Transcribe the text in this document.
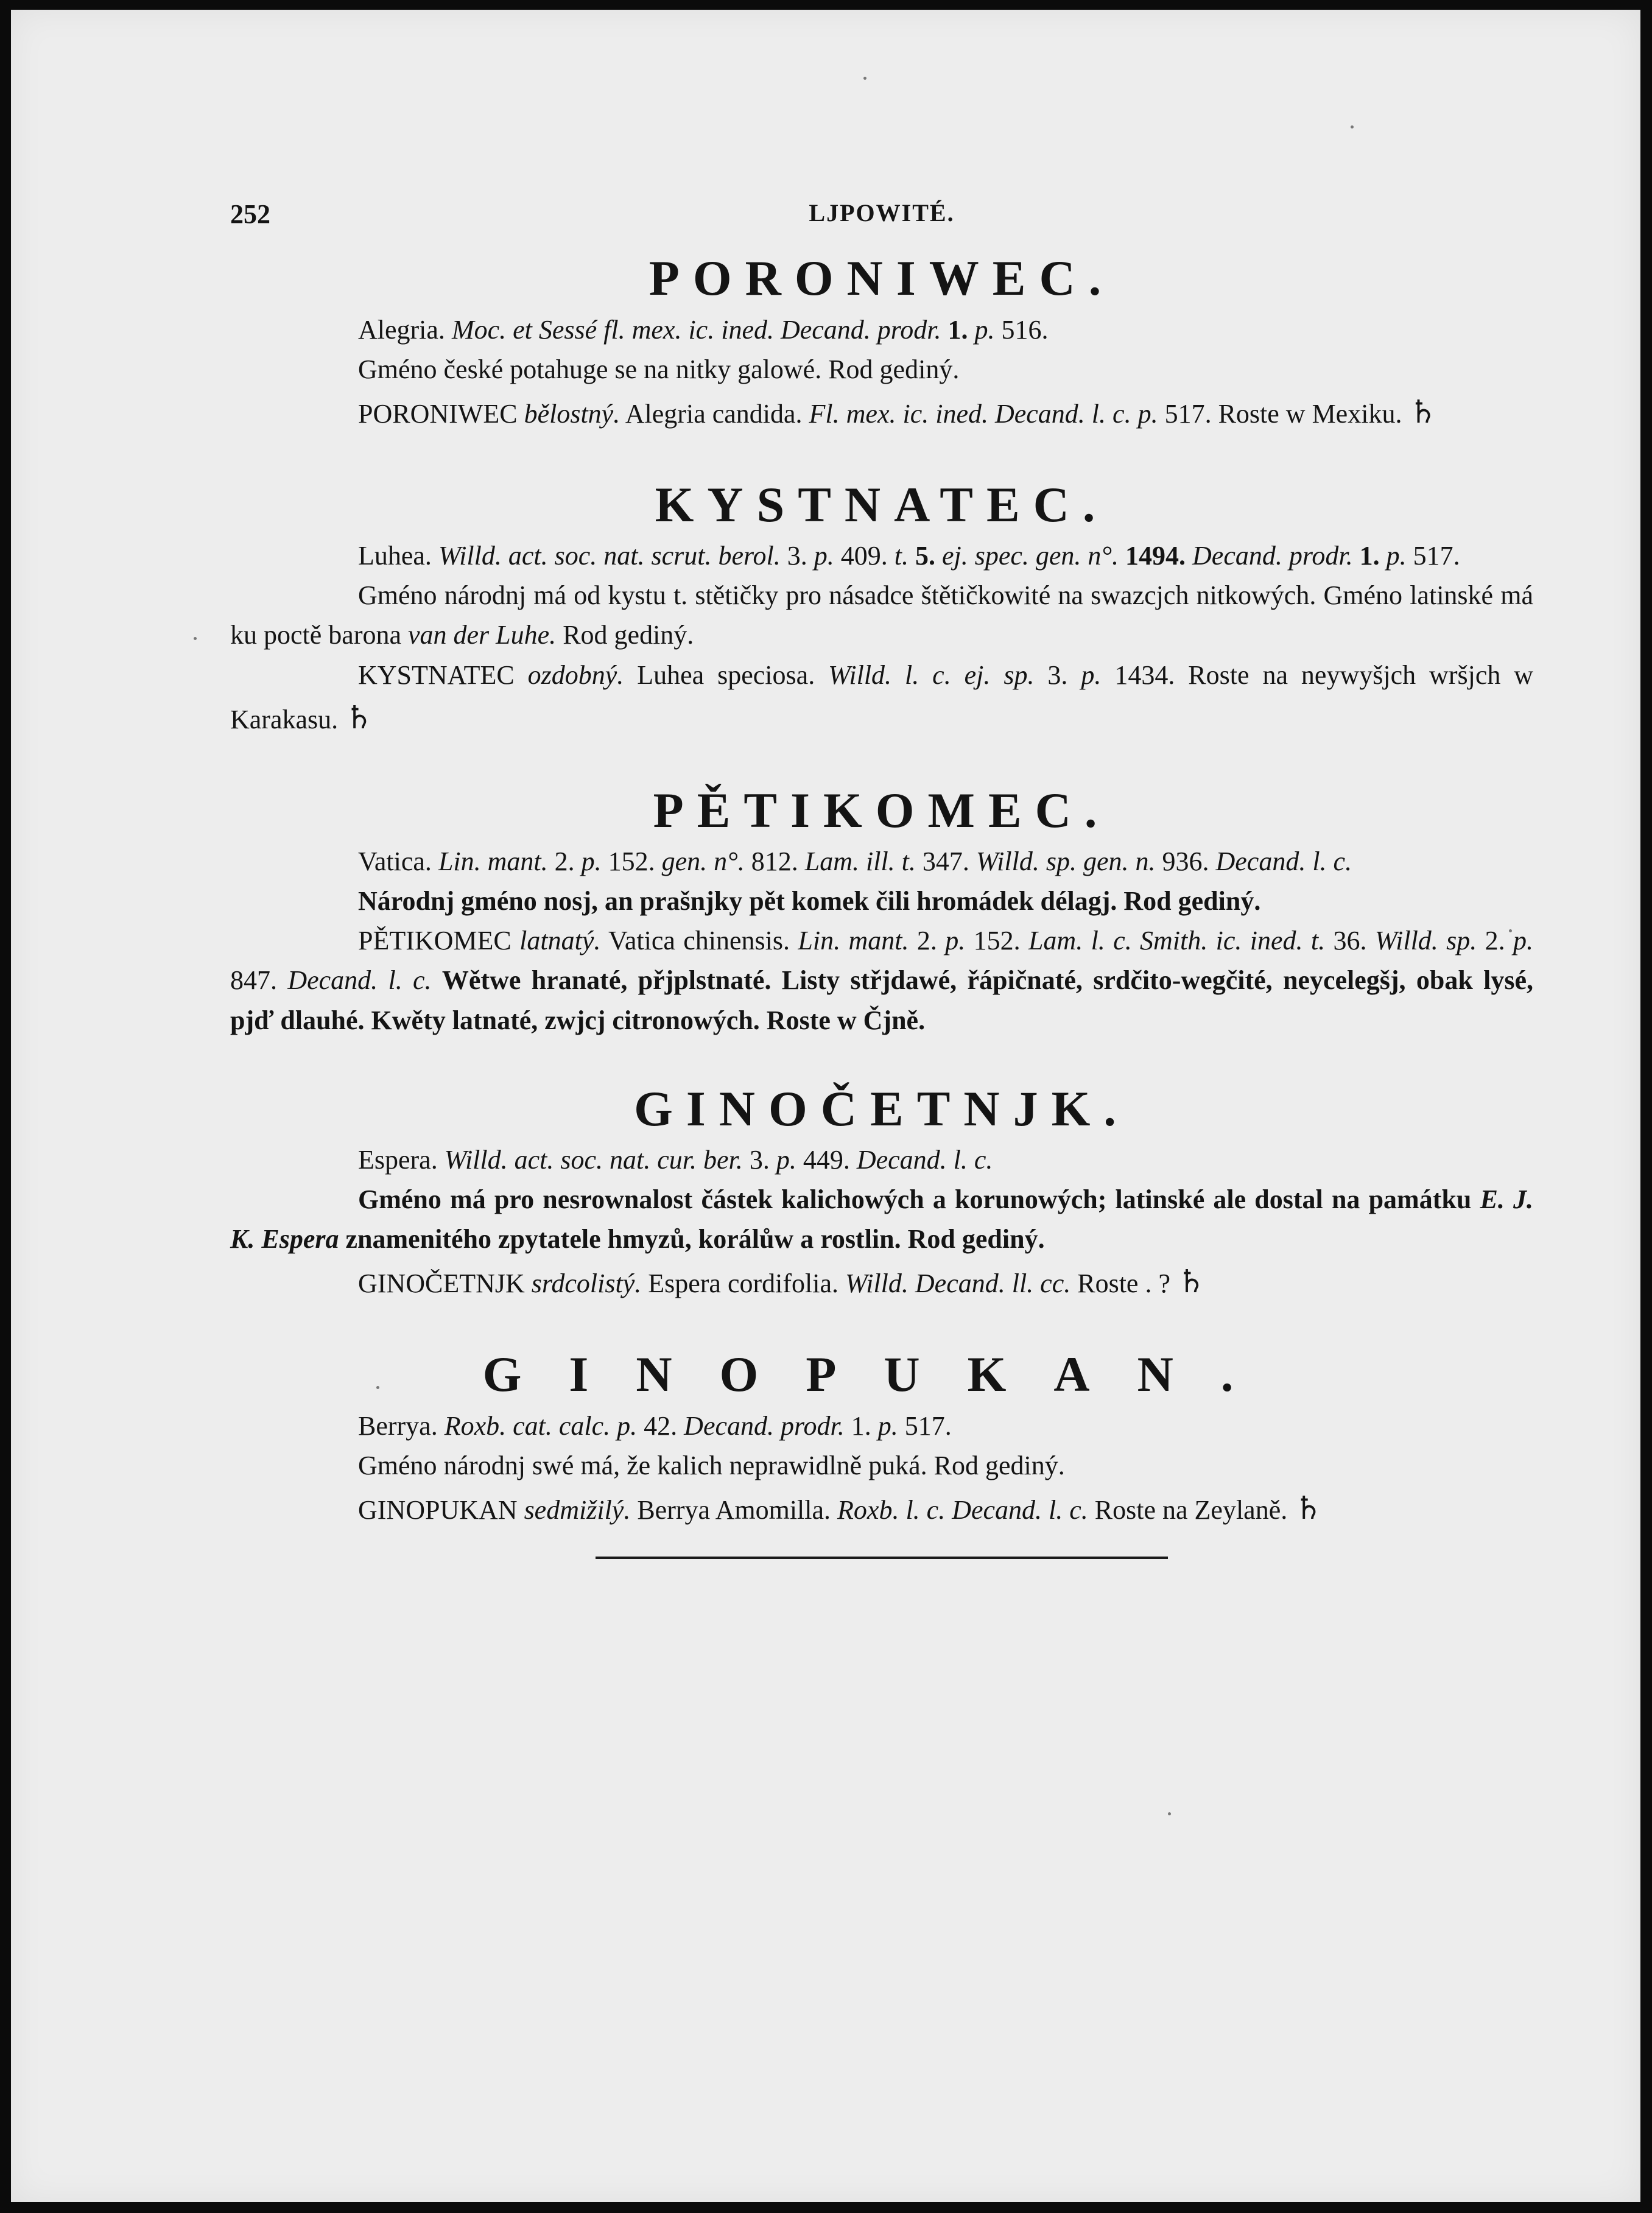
252	LJPOWITÉ.
PORONIWEC.

Alegria. Moc. et Sessé fl. mex. ic. ined. Decand. prodr. 1. p. 516.

Gméno české potahuge se na nitky galowé. Rod gediný.

PORONIWEC bělostný. Alegria candida. Fl. mex. ic. ined. Decand. l. c. p. 517. Roste w Mexiku. ♄

KYSTNATEC.

Luhea. Willd. act. soc. nat. scrut. berol. 3. p. 409. t. 5. ej. spec. gen. n°. 1494. Decand. prodr. 1. p. 517.

Gméno národnj má od kystu t. stětičky pro násadce štětičkowité na swazcjch nitkowých. Gméno latinské má ku poctě barona van der Luhe. Rod gediný.

KYSTNATEC ozdobný. Luhea speciosa. Willd. l. c. ej. sp. 3. p. 1434. Roste na neywyšjch wršjch w Karakasu. ♄

PĚTIKOMEC.

Vatica. Lin. mant. 2. p. 152. gen. n°. 812. Lam. ill. t. 347. Willd. sp. gen. n. 936. Decand. l. c.

Národnj gméno nosj, an prašnjky pět komek čili hromádek délagj. Rod gediný.

PĚTIKOMEC latnatý. Vatica chinensis. Lin. mant. 2. p. 152. Lam. l. c. Smith. ic. ined. t. 36. Willd. sp. 2. p. 847. Decand. l. c. Wětwe hranaté, přjplstnaté. Listy střjdawé, řápičnaté, srdčito-wegčité, neycelegšj, obak lysé, pjď dlauhé. Kwěty latnaté, zwjcj citronowých. Roste w Čjně.

GINOČETNJK.

Espera. Willd. act. soc. nat. cur. ber. 3. p. 449. Decand. l. c.

Gméno má pro nesrownalost částek kalichowých a korunowých; latinské ale dostal na památku E. J. K. Espera znamenitého zpytatele hmyzů, korálůw a rostlin. Rod gediný.

GINOČETNJK srdcolistý. Espera cordifolia. Willd. Decand. ll. cc. Roste . ? ♄

GINOPUKAN.

Berrya. Roxb. cat. calc. p. 42. Decand. prodr. 1. p. 517.

Gméno národnj swé má, že kalich neprawidlně puká. Rod gediný.

GINOPUKAN sedmižilý. Berrya Amomilla. Roxb. l. c. Decand. l. c. Roste na Zeylaně. ♄
